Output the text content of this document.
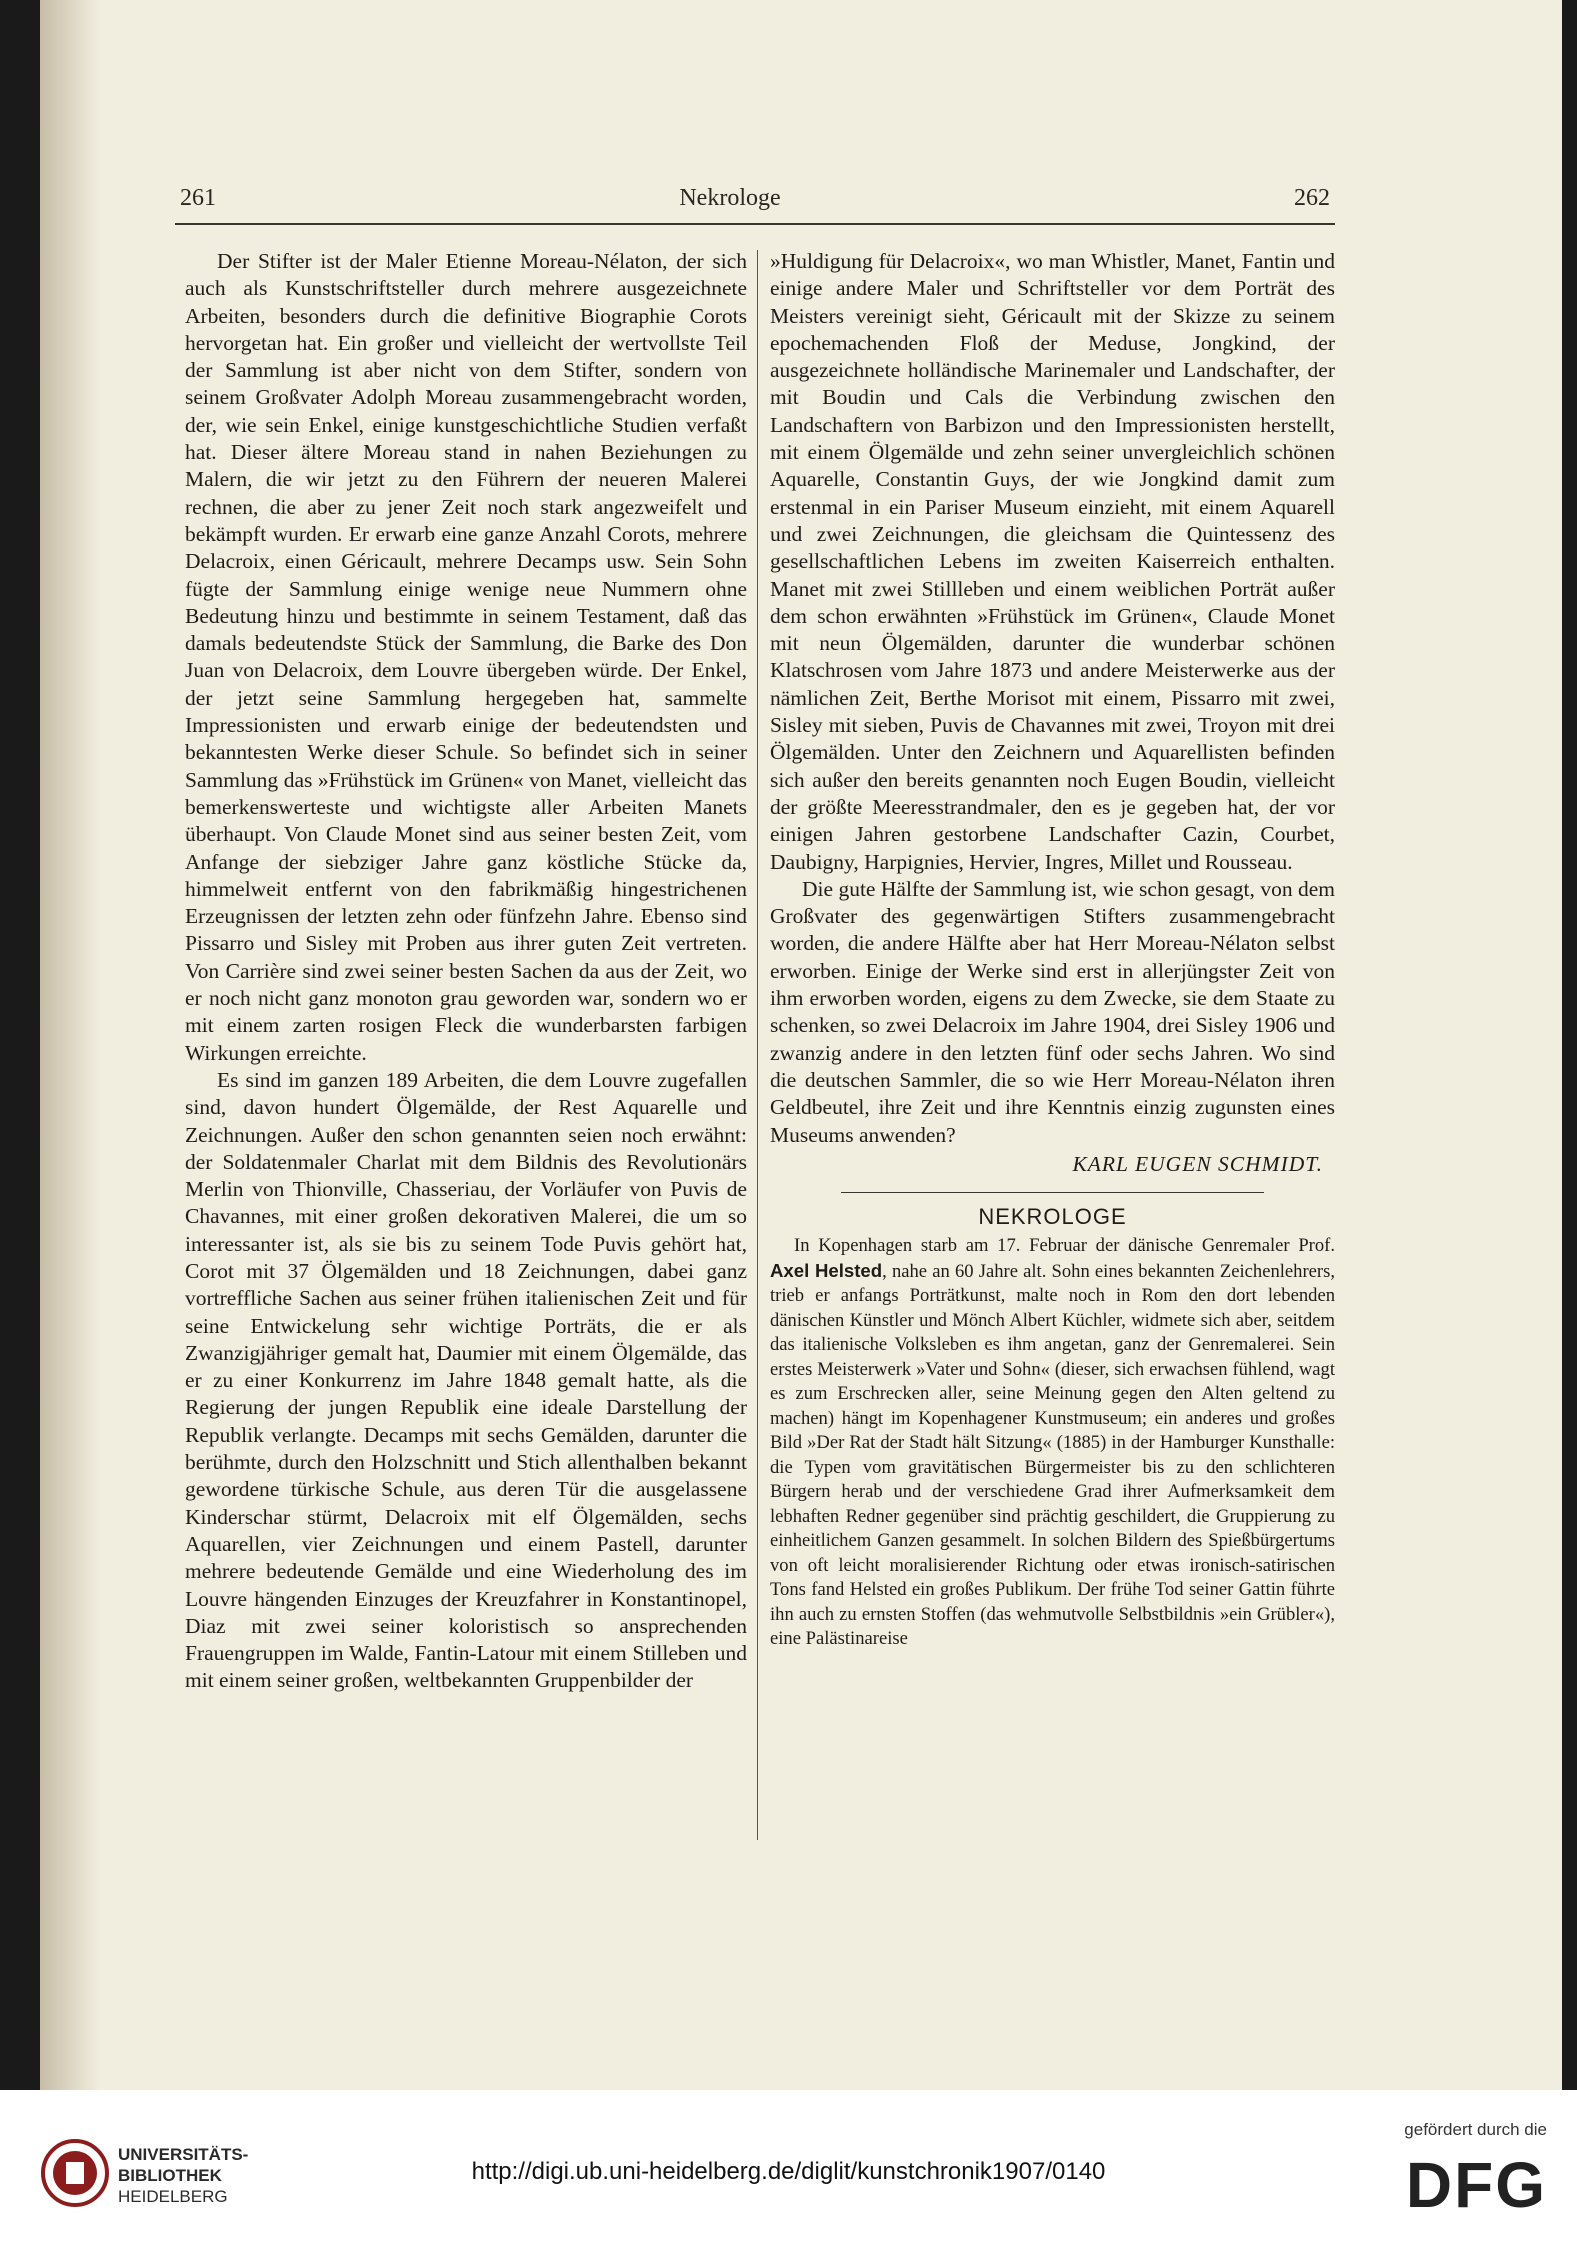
261	Nekrologe	262

Der Stifter ist der Maler Etienne Moreau-Nélaton, der sich auch als Kunstschriftsteller durch mehrere ausgezeichnete Arbeiten, besonders durch die definitive Biographie Corots hervorgetan hat. Ein großer und vielleicht der wertvollste Teil der Sammlung ist aber nicht von dem Stifter, sondern von seinem Großvater Adolph Moreau zusammengebracht worden, der, wie sein Enkel, einige kunstgeschichtliche Studien verfaßt hat. Dieser ältere Moreau stand in nahen Beziehungen zu Malern, die wir jetzt zu den Führern der neueren Malerei rechnen, die aber zu jener Zeit noch stark angezweifelt und bekämpft wurden. Er erwarb eine ganze Anzahl Corots, mehrere Delacroix, einen Géricault, mehrere Decamps usw. Sein Sohn fügte der Sammlung einige wenige neue Nummern ohne Bedeutung hinzu und bestimmte in seinem Testament, daß das damals bedeutendste Stück der Sammlung, die Barke des Don Juan von Delacroix, dem Louvre übergeben würde. Der Enkel, der jetzt seine Sammlung hergegeben hat, sammelte Impressionisten und erwarb einige der bedeutendsten und bekanntesten Werke dieser Schule. So befindet sich in seiner Sammlung das »Frühstück im Grünen« von Manet, vielleicht das bemerkenswerteste und wichtigste aller Arbeiten Manets überhaupt. Von Claude Monet sind aus seiner besten Zeit, vom Anfange der siebziger Jahre ganz köstliche Stücke da, himmelweit entfernt von den fabrikmäßig hingestrichenen Erzeugnissen der letzten zehn oder fünfzehn Jahre. Ebenso sind Pissarro und Sisley mit Proben aus ihrer guten Zeit vertreten. Von Carrière sind zwei seiner besten Sachen da aus der Zeit, wo er noch nicht ganz monoton grau geworden war, sondern wo er mit einem zarten rosigen Fleck die wunderbarsten farbigen Wirkungen erreichte.

Es sind im ganzen 189 Arbeiten, die dem Louvre zugefallen sind, davon hundert Ölgemälde, der Rest Aquarelle und Zeichnungen. Außer den schon genannten seien noch erwähnt: der Soldatenmaler Charlat mit dem Bildnis des Revolutionärs Merlin von Thionville, Chasseriau, der Vorläufer von Puvis de Chavannes, mit einer großen dekorativen Malerei, die um so interessanter ist, als sie bis zu seinem Tode Puvis gehört hat, Corot mit 37 Ölgemälden und 18 Zeichnungen, dabei ganz vortreffliche Sachen aus seiner frühen italienischen Zeit und für seine Entwickelung sehr wichtige Porträts, die er als Zwanzigjähriger gemalt hat, Daumier mit einem Ölgemälde, das er zu einer Konkurrenz im Jahre 1848 gemalt hatte, als die Regierung der jungen Republik eine ideale Darstellung der Republik verlangte. Decamps mit sechs Gemälden, darunter die berühmte, durch den Holzschnitt und Stich allenthalben bekannt gewordene türkische Schule, aus deren Tür die ausgelassene Kinderschar stürmt, Delacroix mit elf Ölgemälden, sechs Aquarellen, vier Zeichnungen und einem Pastell, darunter mehrere bedeutende Gemälde und eine Wiederholung des im Louvre hängenden Einzuges der Kreuzfahrer in Konstantinopel, Diaz mit zwei seiner koloristisch so ansprechenden Frauengruppen im Walde, Fantin-Latour mit einem Stilleben und mit einem seiner großen, weltbekannten Gruppenbilder der

»Huldigung für Delacroix«, wo man Whistler, Manet, Fantin und einige andere Maler und Schriftsteller vor dem Porträt des Meisters vereinigt sieht, Géricault mit der Skizze zu seinem epochemachenden Floß der Meduse, Jongkind, der ausgezeichnete holländische Marinemaler und Landschafter, der mit Boudin und Cals die Verbindung zwischen den Landschaftern von Barbizon und den Impressionisten herstellt, mit einem Ölgemälde und zehn seiner unvergleichlich schönen Aquarelle, Constantin Guys, der wie Jongkind damit zum erstenmal in ein Pariser Museum einzieht, mit einem Aquarell und zwei Zeichnungen, die gleichsam die Quintessenz des gesellschaftlichen Lebens im zweiten Kaiserreich enthalten. Manet mit zwei Stillleben und einem weiblichen Porträt außer dem schon erwähnten »Frühstück im Grünen«, Claude Monet mit neun Ölgemälden, darunter die wunderbar schönen Klatschrosen vom Jahre 1873 und andere Meisterwerke aus der nämlichen Zeit, Berthe Morisot mit einem, Pissarro mit zwei, Sisley mit sieben, Puvis de Chavannes mit zwei, Troyon mit drei Ölgemälden. Unter den Zeichnern und Aquarellisten befinden sich außer den bereits genannten noch Eugen Boudin, vielleicht der größte Meeresstrandmaler, den es je gegeben hat, der vor einigen Jahren gestorbene Landschafter Cazin, Courbet, Daubigny, Harpignies, Hervier, Ingres, Millet und Rousseau.

Die gute Hälfte der Sammlung ist, wie schon gesagt, von dem Großvater des gegenwärtigen Stifters zusammengebracht worden, die andere Hälfte aber hat Herr Moreau-Nélaton selbst erworben. Einige der Werke sind erst in allerjüngster Zeit von ihm erworben worden, eigens zu dem Zwecke, sie dem Staate zu schenken, so zwei Delacroix im Jahre 1904, drei Sisley 1906 und zwanzig andere in den letzten fünf oder sechs Jahren. Wo sind die deutschen Sammler, die so wie Herr Moreau-Nélaton ihren Geldbeutel, ihre Zeit und ihre Kenntnis einzig zugunsten eines Museums anwenden?

KARL EUGEN SCHMIDT.
NEKROLOGE

In Kopenhagen starb am 17. Februar der dänische Genremaler Prof. Axel Helsted, nahe an 60 Jahre alt. Sohn eines bekannten Zeichenlehrers, trieb er anfangs Porträtkunst, malte noch in Rom den dort lebenden dänischen Künstler und Mönch Albert Küchler, widmete sich aber, seitdem das italienische Volksleben es ihm angetan, ganz der Genremalerei. Sein erstes Meisterwerk »Vater und Sohn« (dieser, sich erwachsen fühlend, wagt es zum Erschrecken aller, seine Meinung gegen den Alten geltend zu machen) hängt im Kopenhagener Kunstmuseum; ein anderes und großes Bild »Der Rat der Stadt hält Sitzung« (1885) in der Hamburger Kunsthalle: die Typen vom gravitätischen Bürgermeister bis zu den schlichteren Bürgern herab und der verschiedene Grad ihrer Aufmerksamkeit dem lebhaften Redner gegenüber sind prächtig geschildert, die Gruppierung zu einheitlichem Ganzen gesammelt. In solchen Bildern des Spießbürgertums von oft leicht moralisierender Richtung oder etwas ironisch-satirischen Tons fand Helsted ein großes Publikum. Der frühe Tod seiner Gattin führte ihn auch zu ernsten Stoffen (das wehmutvolle Selbstbildnis »ein Grübler«), eine Palästinareise

UNIVERSITÄTS-
BIBLIOTHEK
HEIDELBERG
http://digi.ub.uni-heidelberg.de/diglit/kunstchronik1907/0140
gefördert durch die
DFG
